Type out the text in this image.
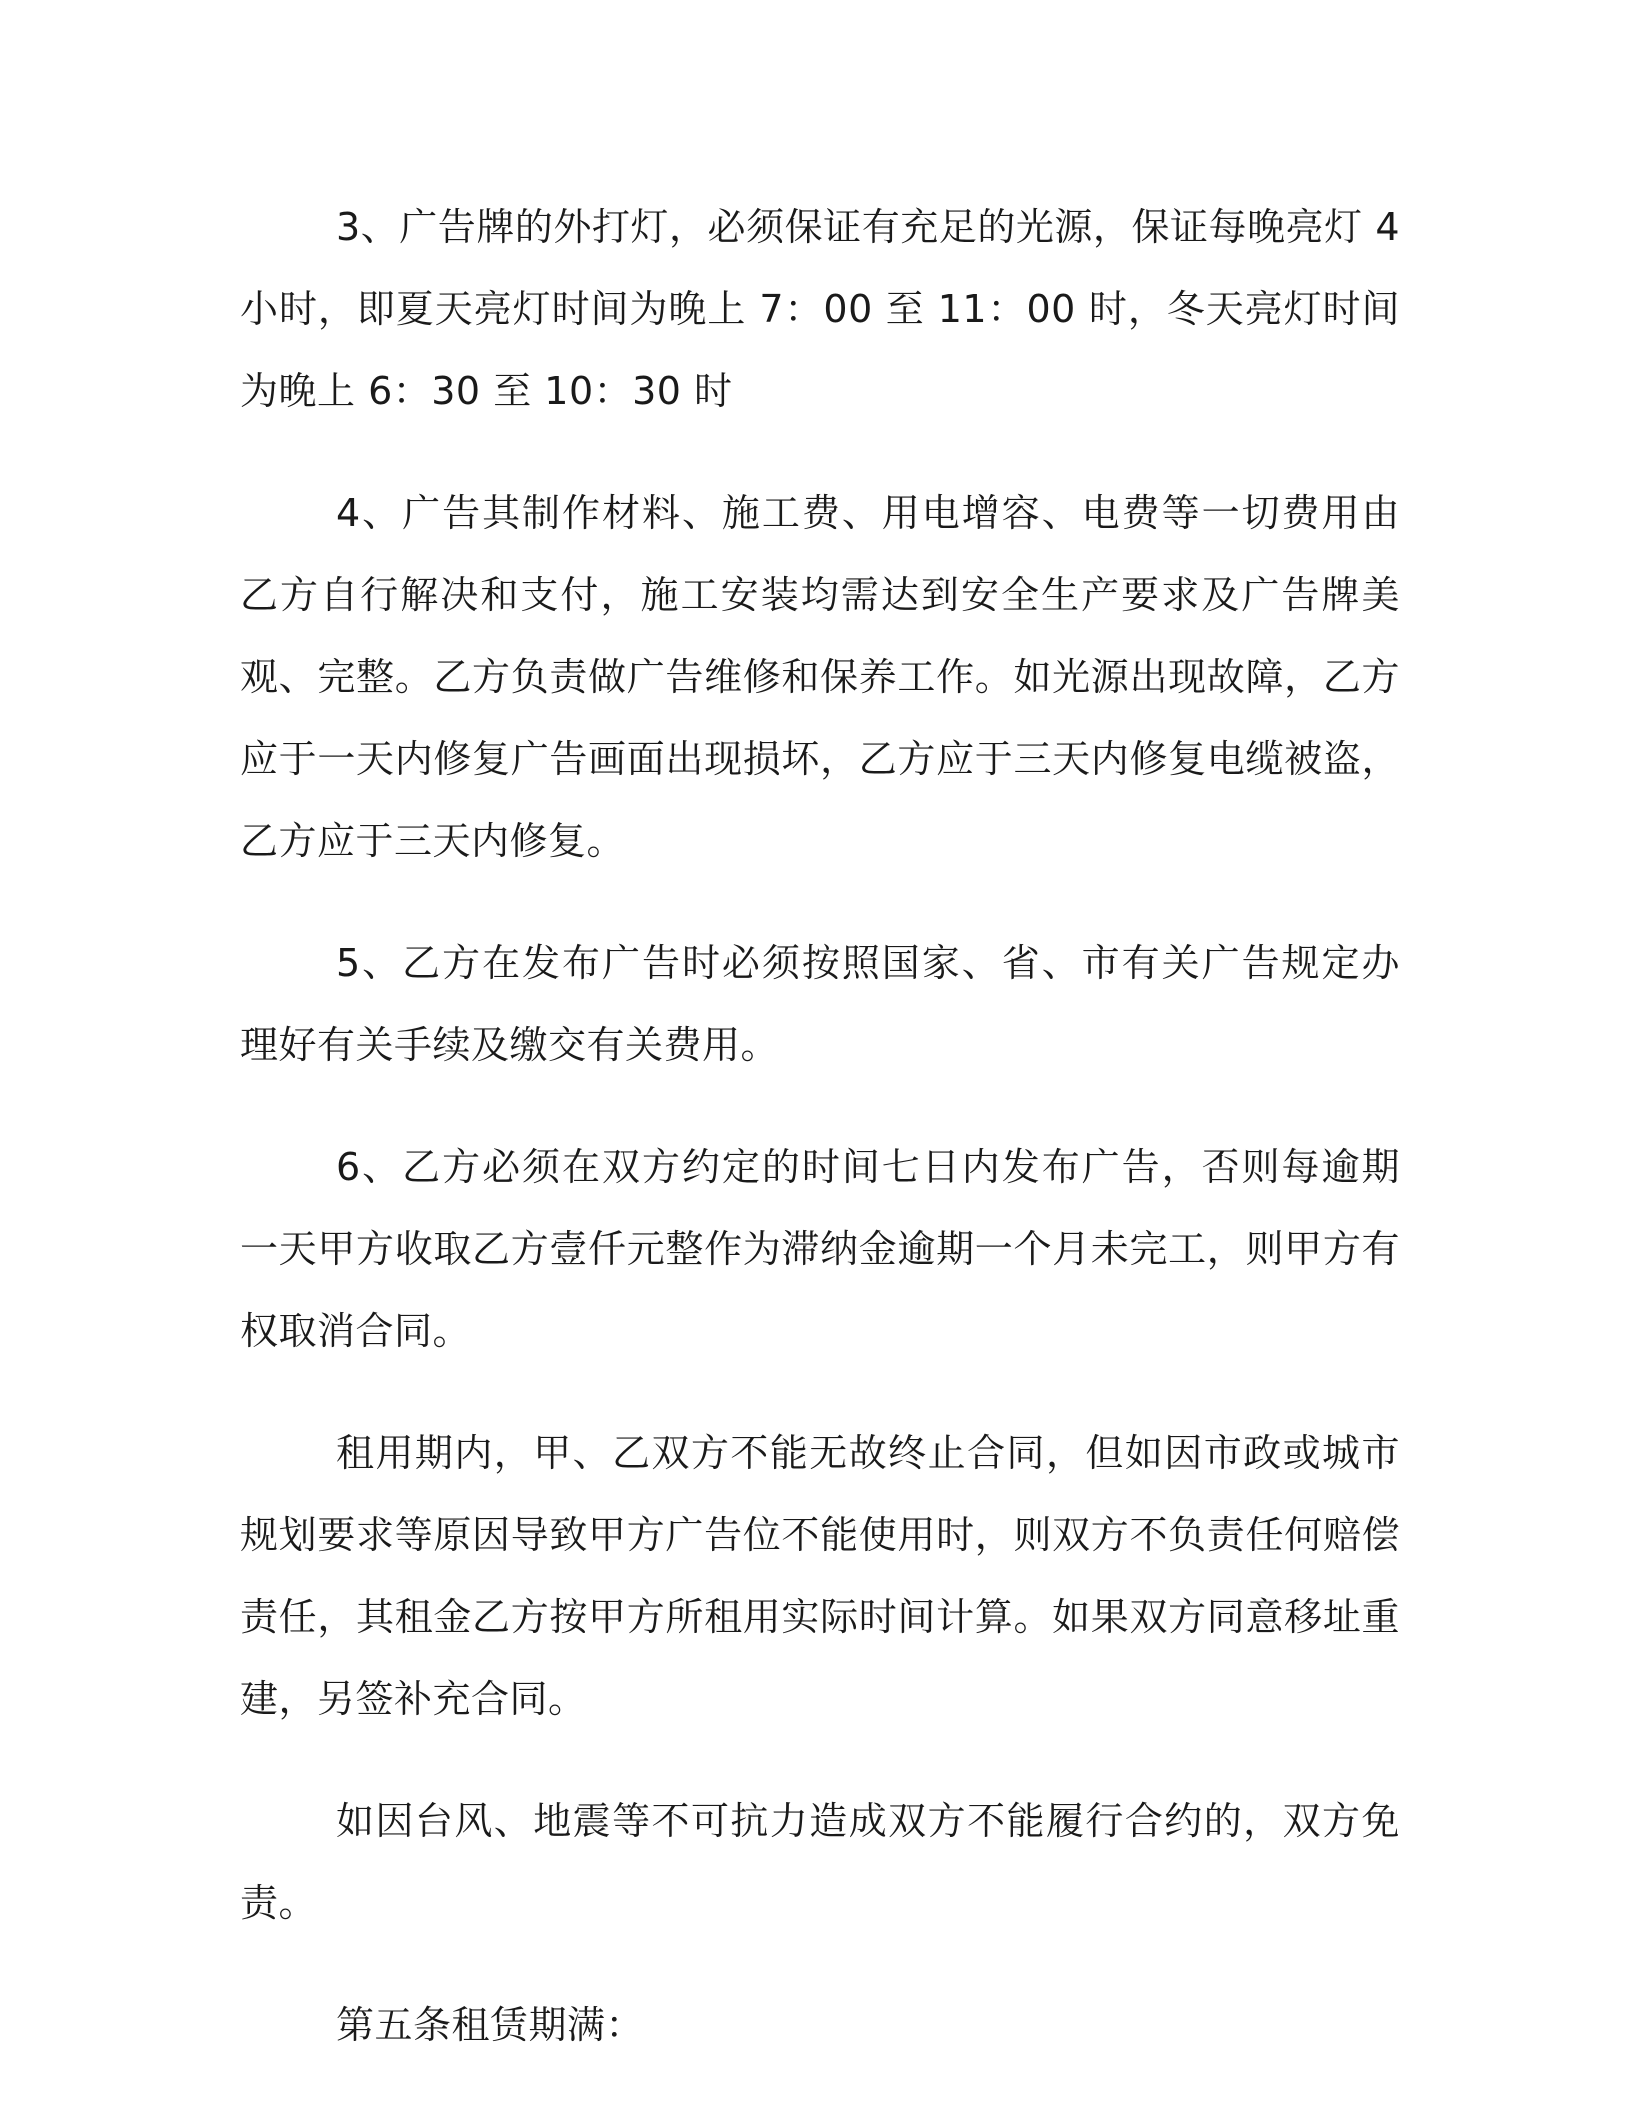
3、广告牌的外打灯，必须保证有充足的光源，保证每晚亮灯 4 小时，即夏天亮灯时间为晚上 7：00 至 11：00 时，冬天亮灯时间为晚上 6：30 至 10：30 时

4、广告其制作材料、施工费、用电增容、电费等一切费用由乙方自行解决和支付，施工安装均需达到安全生产要求及广告牌美观、完整。乙方负责做广告维修和保养工作。如光源出现故障，乙方应于一天内修复广告画面出现损坏，乙方应于三天内修复电缆被盗，乙方应于三天内修复。

5、乙方在发布广告时必须按照国家、省、市有关广告规定办理好有关手续及缴交有关费用。

6、乙方必须在双方约定的时间七日内发布广告，否则每逾期一天甲方收取乙方壹仟元整作为滞纳金逾期一个月未完工，则甲方有权取消合同。

租用期内，甲、乙双方不能无故终止合同，但如因市政或城市规划要求等原因导致甲方广告位不能使用时，则双方不负责任何赔偿责任，其租金乙方按甲方所租用实际时间计算。如果双方同意移址重建，另签补充合同。

如因台风、地震等不可抗力造成双方不能履行合约的，双方免责。

第五条租赁期满：
